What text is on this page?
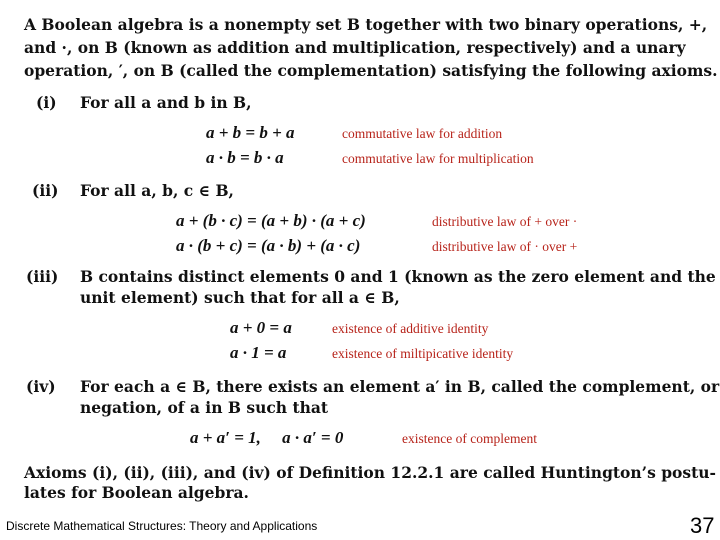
A Boolean algebra is a nonempty set B together with two binary operations, +,
and ·, on B (known as addition and multiplication, respectively) and a unary
operation, ′, on B (called the complementation) satisfying the following axioms.
(i) For all a and b in B,
a + b = b + a	commutative law for addition
a · b = b · a	commutative law for multiplication
(ii) For all a, b, c ∈ B,
a + (b · c) = (a + b) · (a + c)	distributive law of + over ·
a · (b + c) = (a · b) + (a · c)	distributive law of · over +
(iii) B contains distinct elements 0 and 1 (known as the zero element and the
unit element) such that for all a ∈ B,
a + 0 = a	existence of additive identity
a · 1 = a	existence of miltipicative identity
(iv) For each a ∈ B, there exists an element a′ in B, called the complement, or
negation, of a in B such that
a + a′ = 1,     a · a′ = 0	existence of complement
Axioms (i), (ii), (iii), and (iv) of Definition 12.2.1 are called Huntington’s postu-
lates for Boolean algebra.
Discrete Mathematical Structures: Theory and Applications	37
